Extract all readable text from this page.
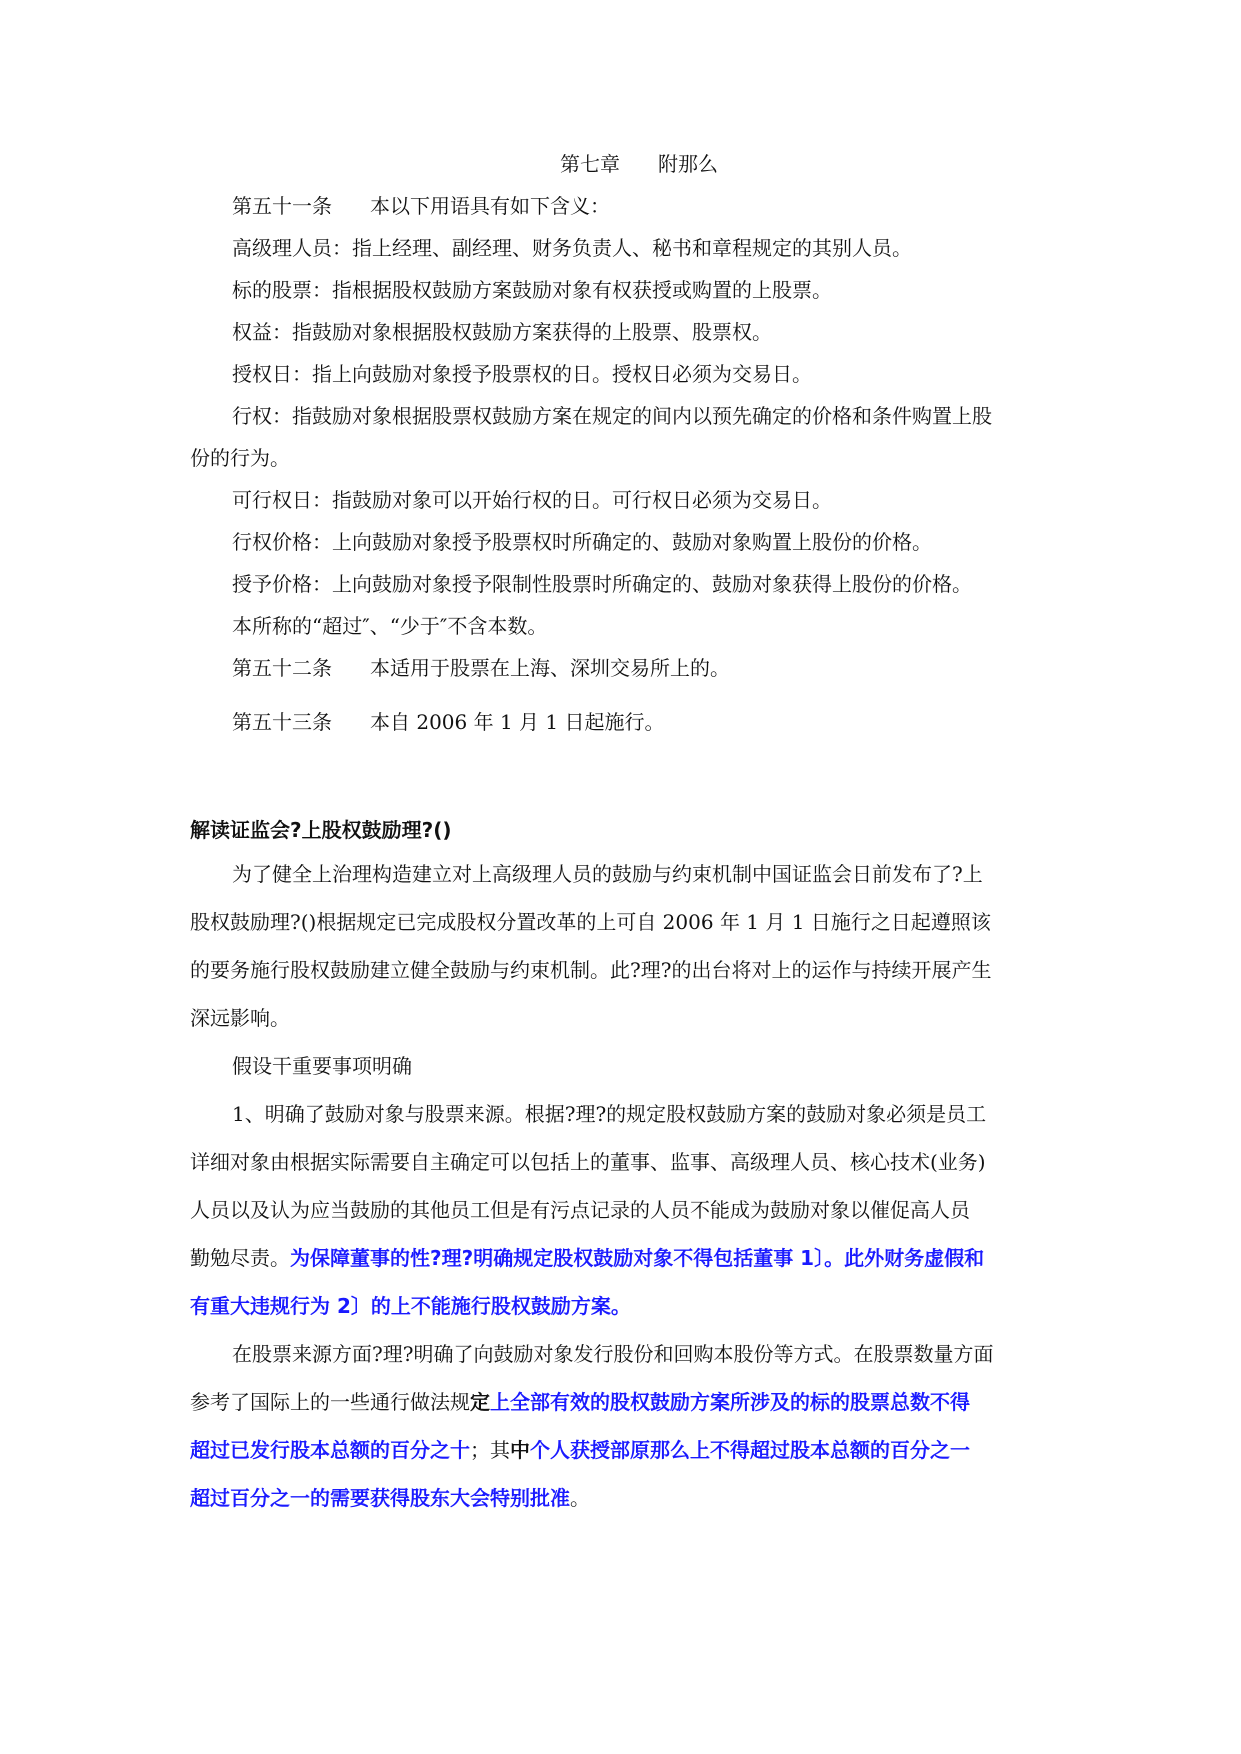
第七章 附那么
第五十一条 本以下用语具有如下含义：
高级理人员：指上经理、副经理、财务负责人、秘书和章程规定的其别人员。
标的股票：指根据股权鼓励方案鼓励对象有权获授或购置的上股票。
权益：指鼓励对象根据股权鼓励方案获得的上股票、股票权。
授权日：指上向鼓励对象授予股票权的日。授权日必须为交易日。
行权：指鼓励对象根据股票权鼓励方案在规定的间内以预先确定的价格和条件购置上股
份的行为。
可行权日：指鼓励对象可以开始行权的日。可行权日必须为交易日。
行权价格：上向鼓励对象授予股票权时所确定的、鼓励对象购置上股份的价格。
授予价格：上向鼓励对象授予限制性股票时所确定的、鼓励对象获得上股份的价格。
本所称的“超过″、“少于″不含本数。
第五十二条 本适用于股票在上海、深圳交易所上的。
第五十三条 本自 2006 年 1 月 1 日起施行。
解读证监会?上股权鼓励理?()
为了健全上治理构造建立对上高级理人员的鼓励与约束机制中国证监会日前发布了?上
股权鼓励理?()根据规定已完成股权分置改革的上可自 2006 年 1 月 1 日施行之日起遵照该
的要务施行股权鼓励建立健全鼓励与约束机制。此?理?的出台将对上的运作与持续开展产生
深远影响。
假设干重要事项明确
1、明确了鼓励对象与股票来源。根据?理?的规定股权鼓励方案的鼓励对象必须是员工
详细对象由根据实际需要自主确定可以包括上的董事、监事、高级理人员、核心技术(业务)
人员以及认为应当鼓励的其他员工但是有污点记录的人员不能成为鼓励对象以催促高人员
勤勉尽责。为保障董事的性?理?明确规定股权鼓励对象不得包括董事 1〕。此外财务虚假和
有重大违规行为 2〕的上不能施行股权鼓励方案。
在股票来源方面?理?明确了向鼓励对象发行股份和回购本股份等方式。在股票数量方面
参考了国际上的一些通行做法规定上全部有效的股权鼓励方案所涉及的标的股票总数不得
超过已发行股本总额的百分之十；其中个人获授部原那么上不得超过股本总额的百分之一
超过百分之一的需要获得股东大会特别批准。
